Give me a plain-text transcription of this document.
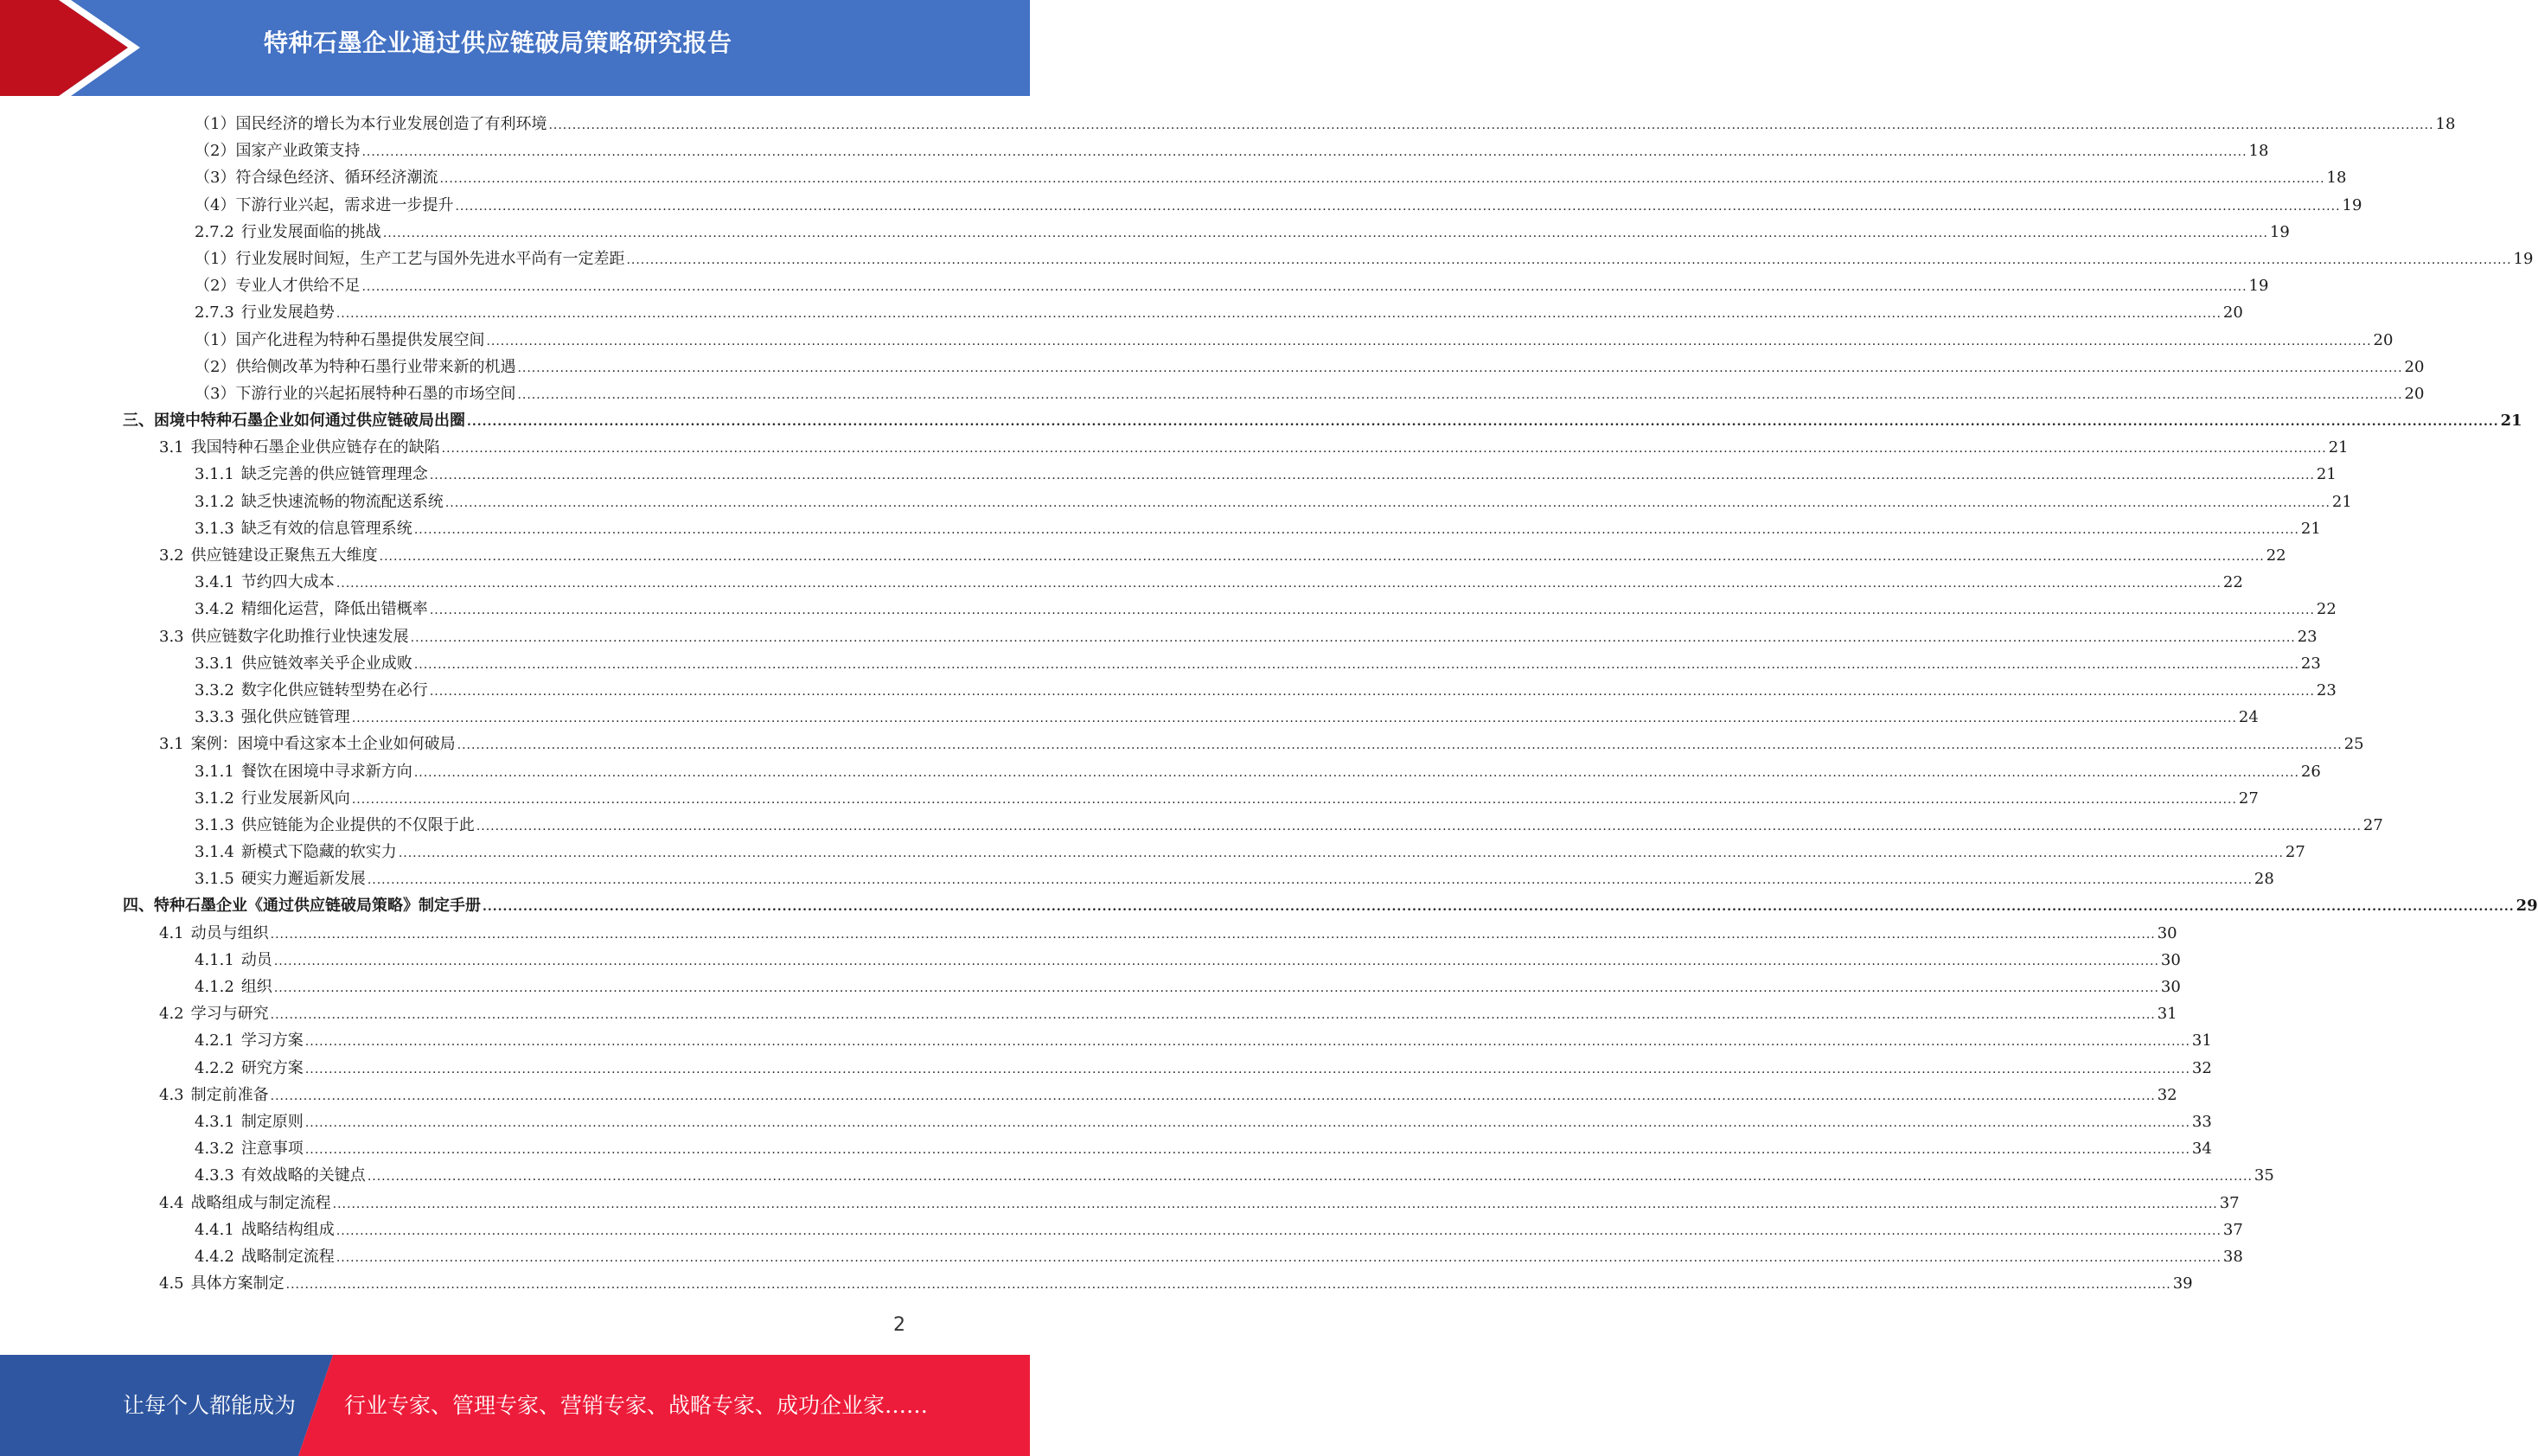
特种石墨企业通过供应链破局策略研究报告
（1）国民经济的增长为本行业发展创造了有利环境 ................................................................................................................................................................................................................................................................................................................................................................................................................ 18
（2）国家产业政策支持 ................................................................................................................................................................................................................................................................................................................................................................................................................ 18
（3）符合绿色经济、循环经济潮流 ................................................................................................................................................................................................................................................................................................................................................................................................................ 18
（4）下游行业兴起，需求进一步提升 ................................................................................................................................................................................................................................................................................................................................................................................................................ 19
2.7.2 行业发展面临的挑战 ................................................................................................................................................................................................................................................................................................................................................................................................................ 19
（1）行业发展时间短，生产工艺与国外先进水平尚有一定差距 ................................................................................................................................................................................................................................................................................................................................................................................................................ 19
（2）专业人才供给不足 ................................................................................................................................................................................................................................................................................................................................................................................................................ 19
2.7.3 行业发展趋势 ................................................................................................................................................................................................................................................................................................................................................................................................................ 20
（1）国产化进程为特种石墨提供发展空间 ................................................................................................................................................................................................................................................................................................................................................................................................................ 20
（2）供给侧改革为特种石墨行业带来新的机遇 ................................................................................................................................................................................................................................................................................................................................................................................................................ 20
（3）下游行业的兴起拓展特种石墨的市场空间 ................................................................................................................................................................................................................................................................................................................................................................................................................ 20
三、困境中特种石墨企业如何通过供应链破局出圈 ................................................................................................................................................................................................................................................................................................................................................................................................................ 21
3.1 我国特种石墨企业供应链存在的缺陷 ................................................................................................................................................................................................................................................................................................................................................................................................................ 21
3.1.1 缺乏完善的供应链管理理念 ................................................................................................................................................................................................................................................................................................................................................................................................................ 21
3.1.2 缺乏快速流畅的物流配送系统 ................................................................................................................................................................................................................................................................................................................................................................................................................ 21
3.1.3 缺乏有效的信息管理系统 ................................................................................................................................................................................................................................................................................................................................................................................................................ 21
3.2 供应链建设正聚焦五大维度 ................................................................................................................................................................................................................................................................................................................................................................................................................ 22
3.4.1 节约四大成本 ................................................................................................................................................................................................................................................................................................................................................................................................................ 22
3.4.2 精细化运营，降低出错概率 ................................................................................................................................................................................................................................................................................................................................................................................................................ 22
3.3 供应链数字化助推行业快速发展 ................................................................................................................................................................................................................................................................................................................................................................................................................ 23
3.3.1 供应链效率关乎企业成败 ................................................................................................................................................................................................................................................................................................................................................................................................................ 23
3.3.2 数字化供应链转型势在必行 ................................................................................................................................................................................................................................................................................................................................................................................................................ 23
3.3.3 强化供应链管理 ................................................................................................................................................................................................................................................................................................................................................................................................................ 24
3.1 案例：困境中看这家本土企业如何破局 ................................................................................................................................................................................................................................................................................................................................................................................................................ 25
3.1.1 餐饮在困境中寻求新方向 ................................................................................................................................................................................................................................................................................................................................................................................................................ 26
3.1.2 行业发展新风向 ................................................................................................................................................................................................................................................................................................................................................................................................................ 27
3.1.3 供应链能为企业提供的不仅限于此 ................................................................................................................................................................................................................................................................................................................................................................................................................ 27
3.1.4 新模式下隐藏的软实力 ................................................................................................................................................................................................................................................................................................................................................................................................................ 27
3.1.5 硬实力邂逅新发展 ................................................................................................................................................................................................................................................................................................................................................................................................................ 28
四、特种石墨企业《通过供应链破局策略》制定手册 ................................................................................................................................................................................................................................................................................................................................................................................................................ 29
4.1 动员与组织 ................................................................................................................................................................................................................................................................................................................................................................................................................ 30
4.1.1 动员 ................................................................................................................................................................................................................................................................................................................................................................................................................ 30
4.1.2 组织 ................................................................................................................................................................................................................................................................................................................................................................................................................ 30
4.2 学习与研究 ................................................................................................................................................................................................................................................................................................................................................................................................................ 31
4.2.1 学习方案 ................................................................................................................................................................................................................................................................................................................................................................................................................ 31
4.2.2 研究方案 ................................................................................................................................................................................................................................................................................................................................................................................................................ 32
4.3 制定前准备 ................................................................................................................................................................................................................................................................................................................................................................................................................ 32
4.3.1 制定原则 ................................................................................................................................................................................................................................................................................................................................................................................................................ 33
4.3.2 注意事项 ................................................................................................................................................................................................................................................................................................................................................................................................................ 34
4.3.3 有效战略的关键点 ................................................................................................................................................................................................................................................................................................................................................................................................................ 35
4.4 战略组成与制定流程 ................................................................................................................................................................................................................................................................................................................................................................................................................ 37
4.4.1 战略结构组成 ................................................................................................................................................................................................................................................................................................................................................................................................................ 37
4.4.2 战略制定流程 ................................................................................................................................................................................................................................................................................................................................................................................................................ 38
4.5 具体方案制定 ................................................................................................................................................................................................................................................................................................................................................................................................................ 39
2
让每个人都能成为 行业专家、管理专家、营销专家、战略专家、成功企业家……
